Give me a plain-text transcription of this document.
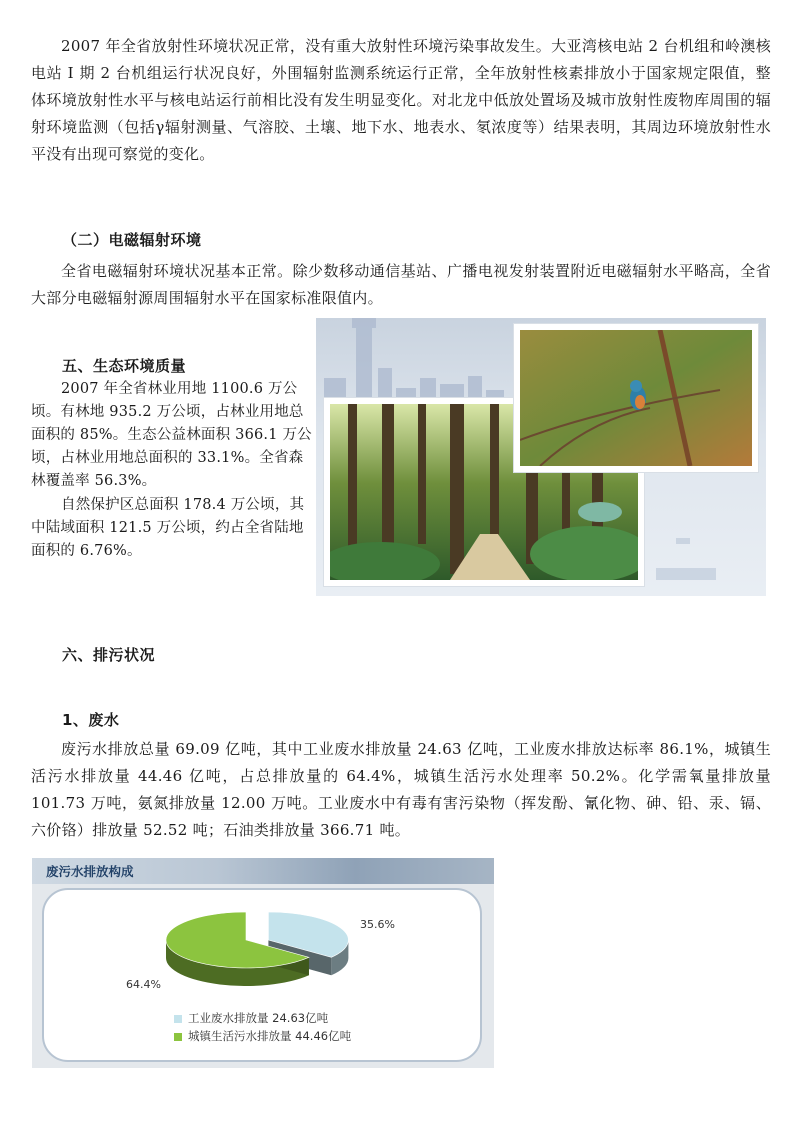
2007 年全省放射性环境状况正常，没有重大放射性环境污染事故发生。大亚湾核电站 2 台机组和岭澳核电站 Ⅰ 期 2 台机组运行状况良好，外围辐射监测系统运行正常，全年放射性核素排放小于国家规定限值，整体环境放射性水平与核电站运行前相比没有发生明显变化。对北龙中低放处置场及城市放射性废物库周围的辐射环境监测（包括γ辐射测量、气溶胶、土壤、地下水、地表水、氡浓度等）结果表明，其周边环境放射性水平没有出现可察觉的变化。

（二）电磁辐射环境

全省电磁辐射环境状况基本正常。除少数移动通信基站、广播电视发射装置附近电磁辐射水平略高，全省大部分电磁辐射源周围辐射水平在国家标准限值内。

五、生态环境质量

2007 年全省林业用地 1100.6 万公顷。有林地 935.2 万公顷，占林业用地总面积的 85%。生态公益林面积 366.1 万公顷，占林业用地总面积的 33.1%。全省森林覆盖率 56.3%。

自然保护区总面积 178.4 万公顷，其中陆域面积 121.5 万公顷，约占全省陆地面积的 6.76%。

六、排污状况

1、废水

废污水排放总量 69.09 亿吨，其中工业废水排放量 24.63 亿吨，工业废水排放达标率 86.1%，城镇生活污水排放量 44.46 亿吨，占总排放量的 64.4%，城镇生活污水处理率 50.2%。化学需氧量排放量 101.73 万吨，氨氮排放量 12.00 万吨。工业废水中有毒有害污染物（挥发酚、氰化物、砷、铅、汞、镉、六价铬）排放量 52.52 吨；石油类排放量 366.71 吨。

废污水排放构成
35.6%
64.4%
工业废水排放量 24.63亿吨
城镇生活污水排放量 44.46亿吨
